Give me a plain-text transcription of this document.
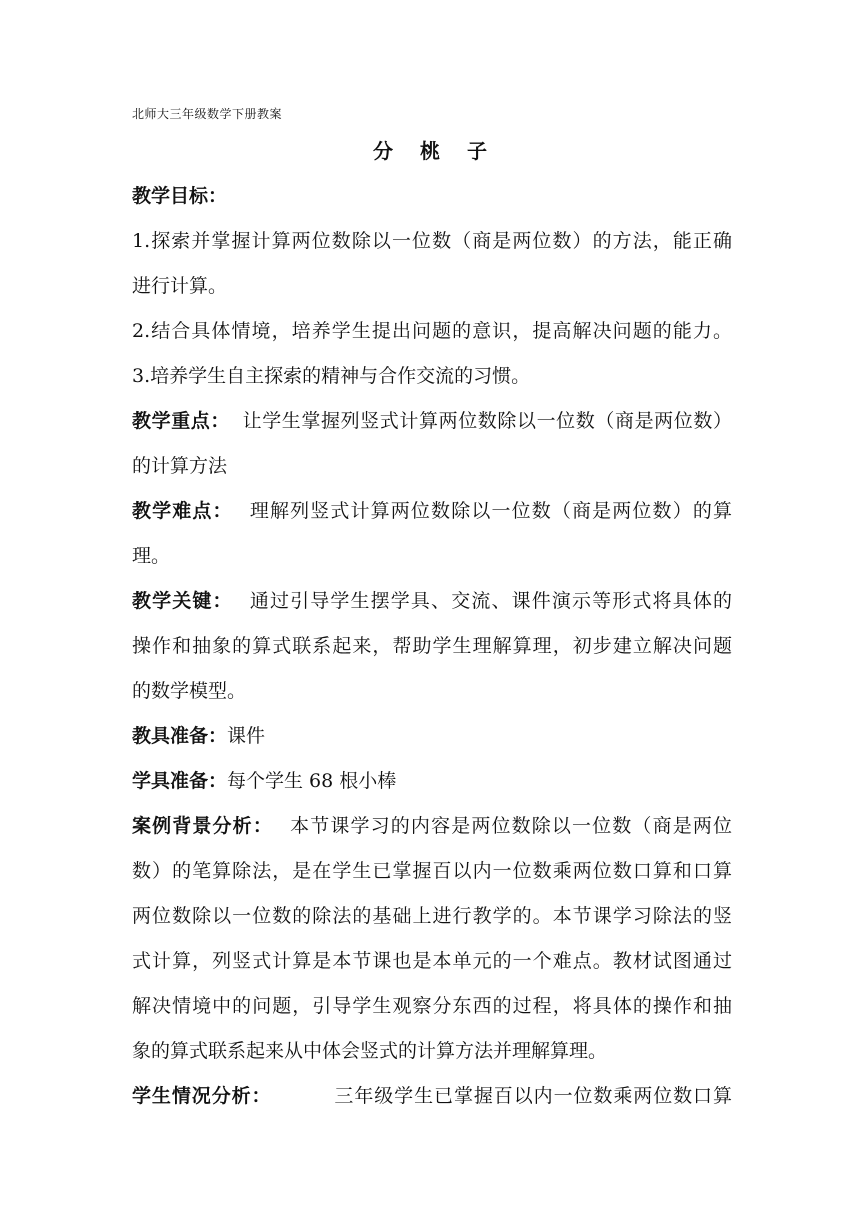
北师大三年级数学下册教案
分 桃 子
教学目标：
1.探索并掌握计算两位数除以一位数（商是两位数）的方法，能正确
进行计算。
2.结合具体情境，培养学生提出问题的意识，提高解决问题的能力。
3.培养学生自主探索的精神与合作交流的习惯。
教学重点： 让学生掌握列竖式计算两位数除以一位数（商是两位数）
的计算方法
教学难点： 理解列竖式计算两位数除以一位数（商是两位数）的算
理。
教学关键： 通过引导学生摆学具、交流、课件演示等形式将具体的
操作和抽象的算式联系起来，帮助学生理解算理，初步建立解决问题
的数学模型。
教具准备：课件
学具准备：每个学生 68 根小棒
案例背景分析： 本节课学习的内容是两位数除以一位数（商是两位
数）的笔算除法，是在学生已掌握百以内一位数乘两位数口算和口算
两位数除以一位数的除法的基础上进行教学的。本节课学习除法的竖
式计算，列竖式计算是本节课也是本单元的一个难点。教材试图通过
解决情境中的问题，引导学生观察分东西的过程，将具体的操作和抽
象的算式联系起来从中体会竖式的计算方法并理解算理。
学生情况分析：	三年级学生已掌握百以内一位数乘两位数口算
